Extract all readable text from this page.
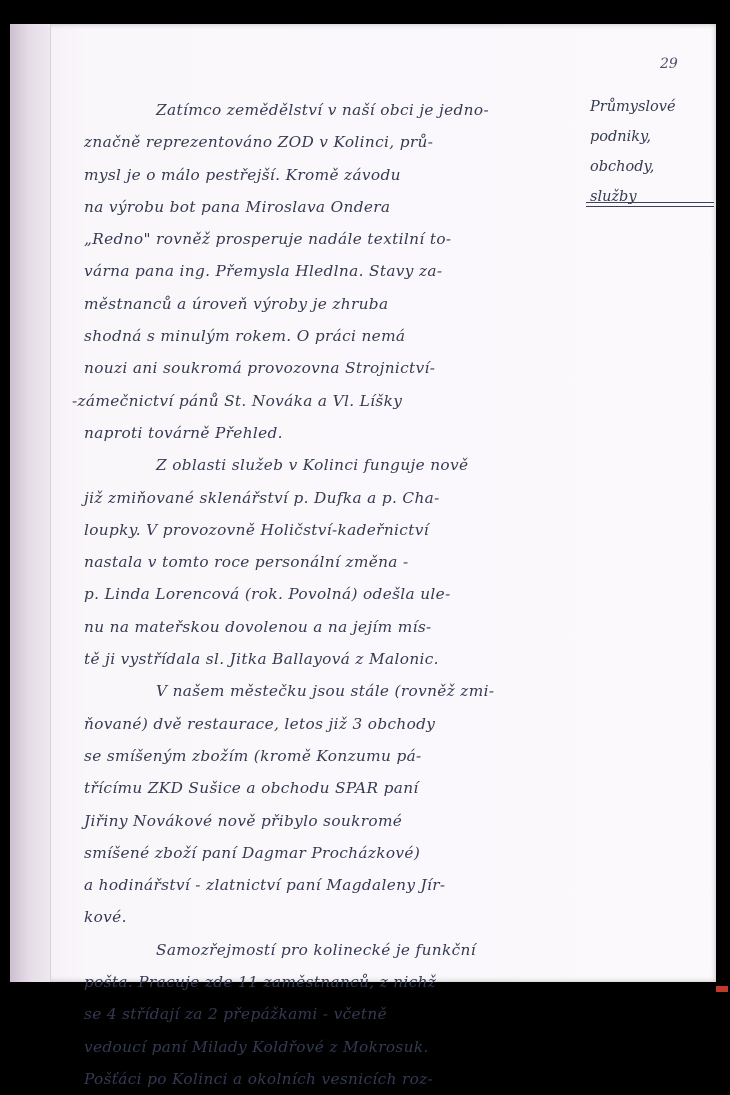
29
Průmyslové
podniky,
obchody,
služby
Zatímco zemědělství v naší obci je jedno-
značně reprezentováno ZOD v Kolinci, prů-
mysl je o málo pestřejší. Kromě závodu
na výrobu bot pana Miroslava Ondera
„Redno" rovněž prosperuje nadále textilní to-
várna pana ing. Přemysla Hledlna. Stavy za-
městnanců a úroveň výroby je zhruba
shodná s minulým rokem. O práci nemá
nouzi ani soukromá provozovna Strojnictví-
-zámečnictví pánů St. Nováka a Vl. Líšky
naproti továrně Přehled.
Z oblasti služeb v Kolinci funguje nově
již zmiňované sklenářství p. Dufka a p. Cha-
loupky. V provozovně Holičství-kadeřnictví
nastala v tomto roce personální změna -
p. Linda Lorencová (rok. Povolná) odešla ule-
nu na mateřskou dovolenou a na jejím mís-
tě ji vystřídala sl. Jitka Ballayová z Malonic.
V našem městečku jsou stále (rovněž zmi-
ňované) dvě restaurace, letos již 3 obchody
se smíšeným zbožím (kromě Konzumu pá-
třícímu ZKD Sušice a obchodu SPAR paní
Jiřiny Novákové nově přibylo soukromé
smíšené zboží paní Dagmar Procházkové)
a hodinářství - zlatnictví paní Magdaleny Jír-
kové.
Samozřejmostí pro kolinecké je funkční
pošta. Pracuje zde 11 zaměstnanců, z nichž
se 4 střídají za 2 přepážkami - včetně
vedoucí paní Milady Koldřové z Mokrosuk.
Pošťáci po Kolinci a okolních vesnicích roz-
